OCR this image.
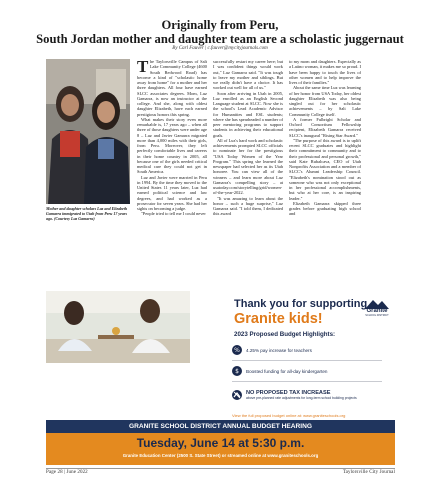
Originally from Peru,
South Jordan mother and daughter team are a scholastic juggernaut
By Carl Fauver | c.fauver@mycityjournals.com
Mother and daughter scholars Luz and Elizabeth Gamarra immigrated to Utah from Peru 17 years ago. (Courtesy Luz Gamarra)

The Taylorsville Campus of Salt Lake Community College (4600 South Redwood Road) has become a kind of "scholastic home away from home" for a mother and her three daughters. All four have earned SLCC associates degrees. Mom, Luz Gamarra, is now an instructor at the college. And she, along with oldest daughter Elizabeth, have each earned prestigious honors this spring.

What makes their story even more remarkable is, 17 years ago – when all three of those daughters were under age 8 – Luz and Javier Gamarra migrated more than 4,000 miles with their girls, from Peru. Moreover, they left perfectly comfortable lives and careers in their home country in 2005, all because one of the girls needed critical medical care they could not get in South America.

Luz and Javier were married in Peru in 1994. By the time they moved to the United States 11 years later, Luz had earned political science and law degrees, and had worked as a prosecutor for seven years. She had her sights on becoming a judge.

"People tried to tell me I could never

successfully restart my career here; but I was confident things would work out," Luz Gamarra said. "It was tough to leave my mother and siblings. But we really didn't have a choice. It has worked out well for all of us."

Soon after arriving in Utah in 2005, Luz enrolled as an English Second Language student at SLCC. Now she is the school's Lead Academic Advisor for Humanities and ESL students; where she has spearheaded a number of peer mentoring programs to support students in achieving their educational goals.

All of Luz's hard work and scholastic achievements prompted SLCC officials to nominate her for the prestigious "USA Today Women of the Year Program." This spring she learned the newspaper had selected her as its Utah honoree. You can view all of the winners – and learn more about Luz Gamarra's compelling story – at usatoday.com/storytelling/grid/women-of-the-year-2022.

"It was amazing to learn about the honor – such a huge surprise," Luz Gamarra said. "I told them, I dedicated this award

to my mom and daughters. Especially as a Latino woman, it makes me so proud. I have been happy to touch the lives of other women and to help improve the lives of their families."

About the same time Luz was learning of her honor from USA Today, her oldest daughter Elizabeth was also being singled out for her scholastic achievements – by Salt Lake Community College itself.

A former Fulbright Scholar and Oxford Consortium Fellowship recipient, Elizabeth Gamarra received SLCC's inaugural "Rising Star Award."

"The purpose of this award is to uplift recent SLCC graduates and highlight their commitment to community and to their professional and personal growth," said Kate Rubalcava, CEO of Utah Nonprofits Association and a member of SLCC's Alumni Leadership Council. "Elizabeth's nomination stood out as someone who was not only exceptional in her professional accomplishments, but who at her core, is an inspiring leader."

Elizabeth Gamarra skipped three grades before graduating high school and

Thank you for supporting
Granite kids!	Granite
SCHOOL DISTRICT
2023 Proposed Budget Highlights:
%	4.25% pay increase for teachers
$	Boosted funding for all-day kindergarten
NO PROPOSED TAX INCREASE
above pre-planned rate adjustments for long-term school building projects
View the full proposed budget online at: www.graniteschools.org
GRANITE SCHOOL DISTRICT ANNUAL BUDGET HEARING
Tuesday, June 14 at 5:30 p.m.
Granite Education Center (2500 S. State Street) or streamed online at www.graniteschools.org
Page 28 | June 2022	Taylorsville City Journal
